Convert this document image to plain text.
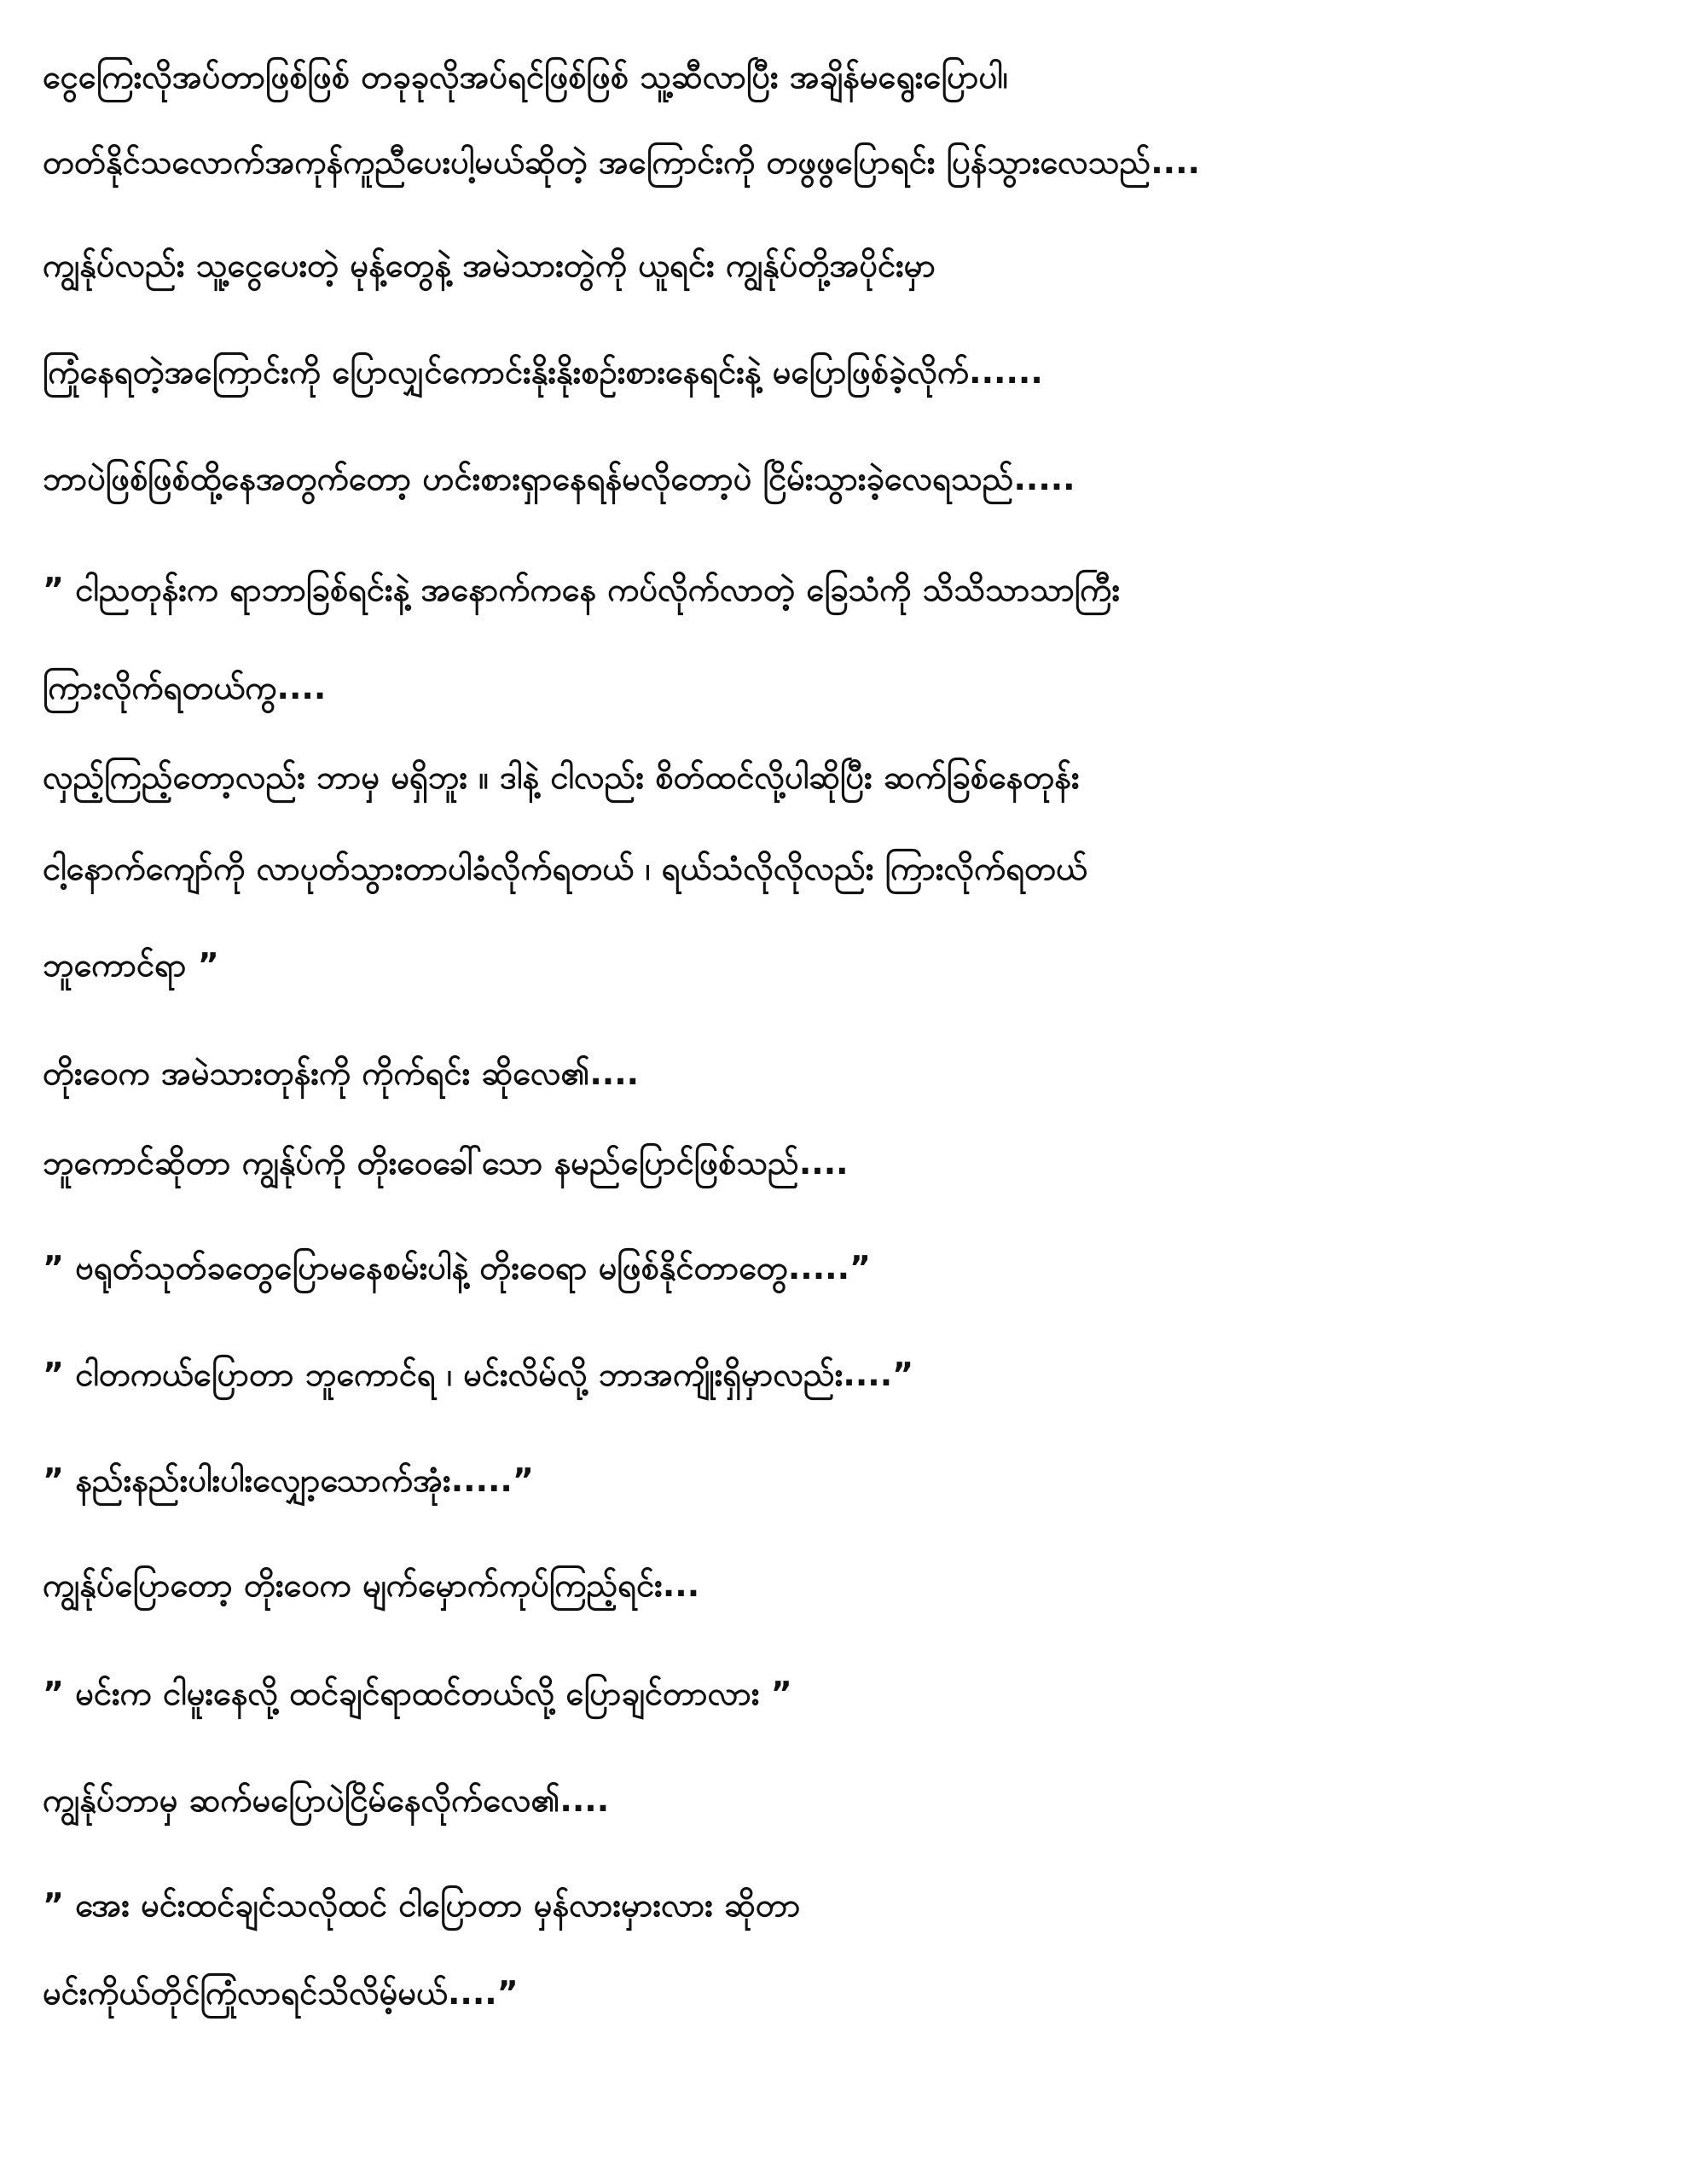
ငွေကြေးလိုအပ်တာဖြစ်ဖြစ် တခုခုလိုအပ်ရင်ဖြစ်ဖြစ် သူ့ဆီလာပြီး အချိန်မရွေးပြောပါ၊
တတ်နိုင်သလောက်အကုန်ကူညီပေးပါ့မယ်ဆိုတဲ့ အကြောင်းကို တဖွဖွပြောရင်း ပြန်သွားလေသည်....
ကျွန်ုပ်လည်း သူ့ငွေပေးတဲ့ မုန့်တွေနဲ့ အမဲသားတွဲကို ယူရင်း ကျွန်ုပ်တို့အပိုင်းမှာ
ကြုံနေရတဲ့အကြောင်းကို ပြောလျှင်ကောင်းနိုးနိုးစဉ်းစားနေရင်းနဲ့ မပြောဖြစ်ခဲ့လိုက်......
ဘာပဲဖြစ်ဖြစ်ထို့နေအတွက်တော့ ဟင်းစားရှာနေရန်မလိုတော့ပဲ ငြိမ်းသွားခဲ့လေရသည်.....
” ငါညတုန်းက ရာဘာခြစ်ရင်းနဲ့ အနောက်ကနေ ကပ်လိုက်လာတဲ့ ခြေသံကို သိသိသာသာကြီး
ကြားလိုက်ရတယ်ကွ....
လှည့်ကြည့်တော့လည်း ဘာမှ မရှိဘူး ။ ဒါနဲ့ ငါလည်း စိတ်ထင်လို့ပါဆိုပြီး ဆက်ခြစ်နေတုန်း
ငါ့နောက်ကျော်ကို လာပုတ်သွားတာပါခံလိုက်ရတယ် ၊ ရယ်သံလိုလိုလည်း ကြားလိုက်ရတယ်
ဘူကောင်ရာ ”
တိုးဝေက အမဲသားတုန်းကို ကိုက်ရင်း ဆိုလေ၏....
ဘူကောင်ဆိုတာ ကျွန်ုပ်ကို တိုးဝေခေါ်သော နမည်ပြောင်ဖြစ်သည်....
” ဗရုတ်သုတ်ခတွေပြောမနေစမ်းပါနဲ့ တိုးဝေရာ မဖြစ်နိုင်တာတွေ.....”
” ငါတကယ်ပြောတာ ဘူကောင်ရ ၊ မင်းလိမ်လို့ ဘာအကျိုးရှိမှာလည်း....”
” နည်းနည်းပါးပါးလျှော့သောက်အုံး.....”
ကျွန်ုပ်ပြောတော့ တိုးဝေက မျက်မှောက်ကုပ်ကြည့်ရင်း...
” မင်းက ငါမူးနေလို့ ထင်ချင်ရာထင်တယ်လို့ ပြောချင်တာလား ”
ကျွန်ုပ်ဘာမှ ဆက်မပြောပဲငြိမ်နေလိုက်လေ၏....
” အေး မင်းထင်ချင်သလိုထင် ငါပြောတာ မှန်လားမှားလား ဆိုတာ
မင်းကိုယ်တိုင်ကြုံလာရင်သိလိမ့်မယ်....”
